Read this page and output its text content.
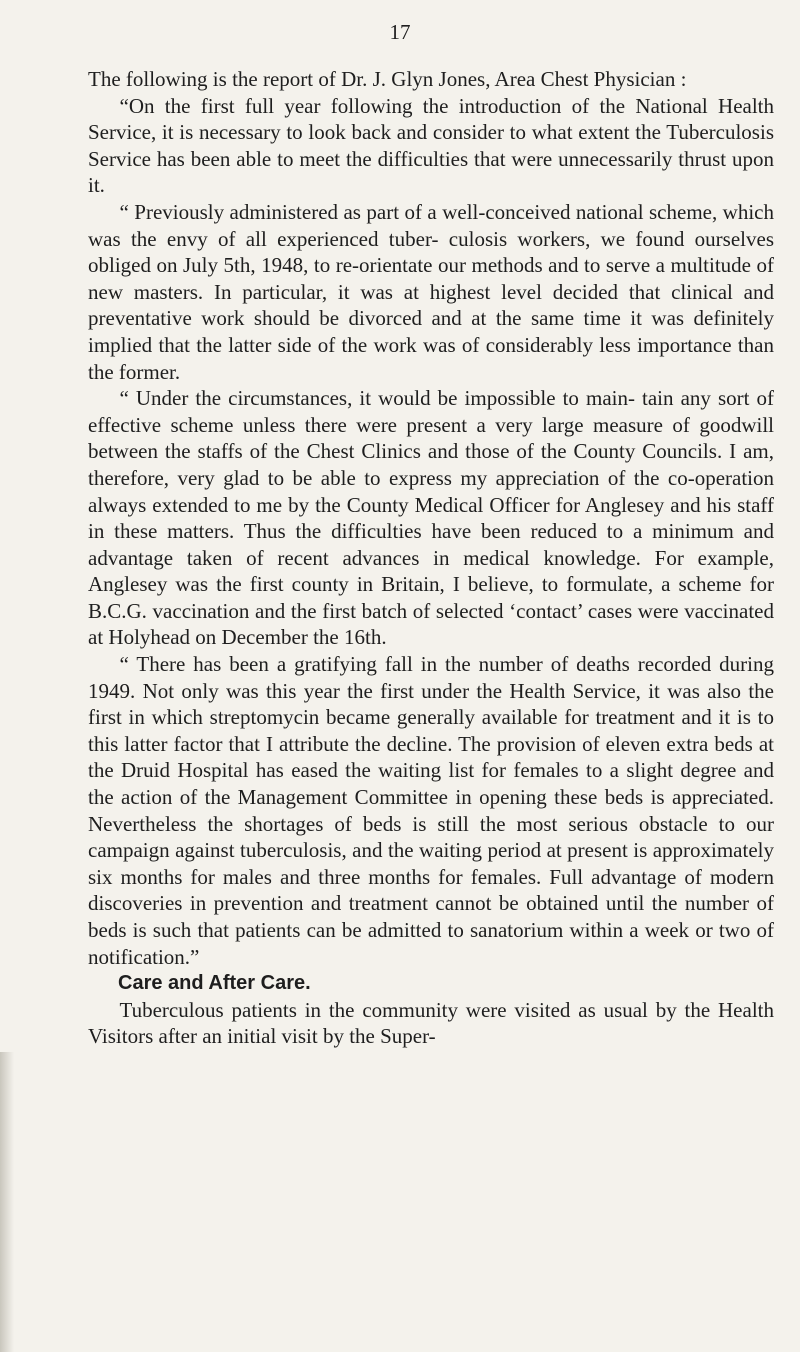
17

The following is the report of Dr. J. Glyn Jones, Area Chest Physician :

“On the first full year following the introduction of the National Health Service, it is necessary to look back and consider to what extent the Tuberculosis Service has been able to meet the difficulties that were unnecessarily thrust upon it.

“ Previously administered as part of a well-conceived national scheme, which was the envy of all experienced tuber- culosis workers, we found ourselves obliged on July 5th, 1948, to re-orientate our methods and to serve a multitude of new masters. In particular, it was at highest level decided that clinical and preventative work should be divorced and at the same time it was definitely implied that the latter side of the work was of considerably less importance than the former.

“ Under the circumstances, it would be impossible to main- tain any sort of effective scheme unless there were present a very large measure of goodwill between the staffs of the Chest Clinics and those of the County Councils. I am, therefore, very glad to be able to express my appreciation of the co-operation always extended to me by the County Medical Officer for Anglesey and his staff in these matters. Thus the difficulties have been reduced to a minimum and advantage taken of recent advances in medical knowledge. For example, Anglesey was the first county in Britain, I believe, to formulate, a scheme for B.C.G. vaccination and the first batch of selected ‘contact’ cases were vaccinated at Holyhead on December the 16th.

“ There has been a gratifying fall in the number of deaths recorded during 1949. Not only was this year the first under the Health Service, it was also the first in which streptomycin became generally available for treatment and it is to this latter factor that I attribute the decline. The provision of eleven extra beds at the Druid Hospital has eased the waiting list for females to a slight degree and the action of the Management Committee in opening these beds is appreciated. Nevertheless the shortages of beds is still the most serious obstacle to our campaign against tuberculosis, and the waiting period at present is approximately six months for males and three months for females. Full advantage of modern discoveries in prevention and treatment cannot be obtained until the number of beds is such that patients can be admitted to sanatorium within a week or two of notification.”

Care and After Care.

Tuberculous patients in the community were visited as usual by the Health Visitors after an initial visit by the Super-
